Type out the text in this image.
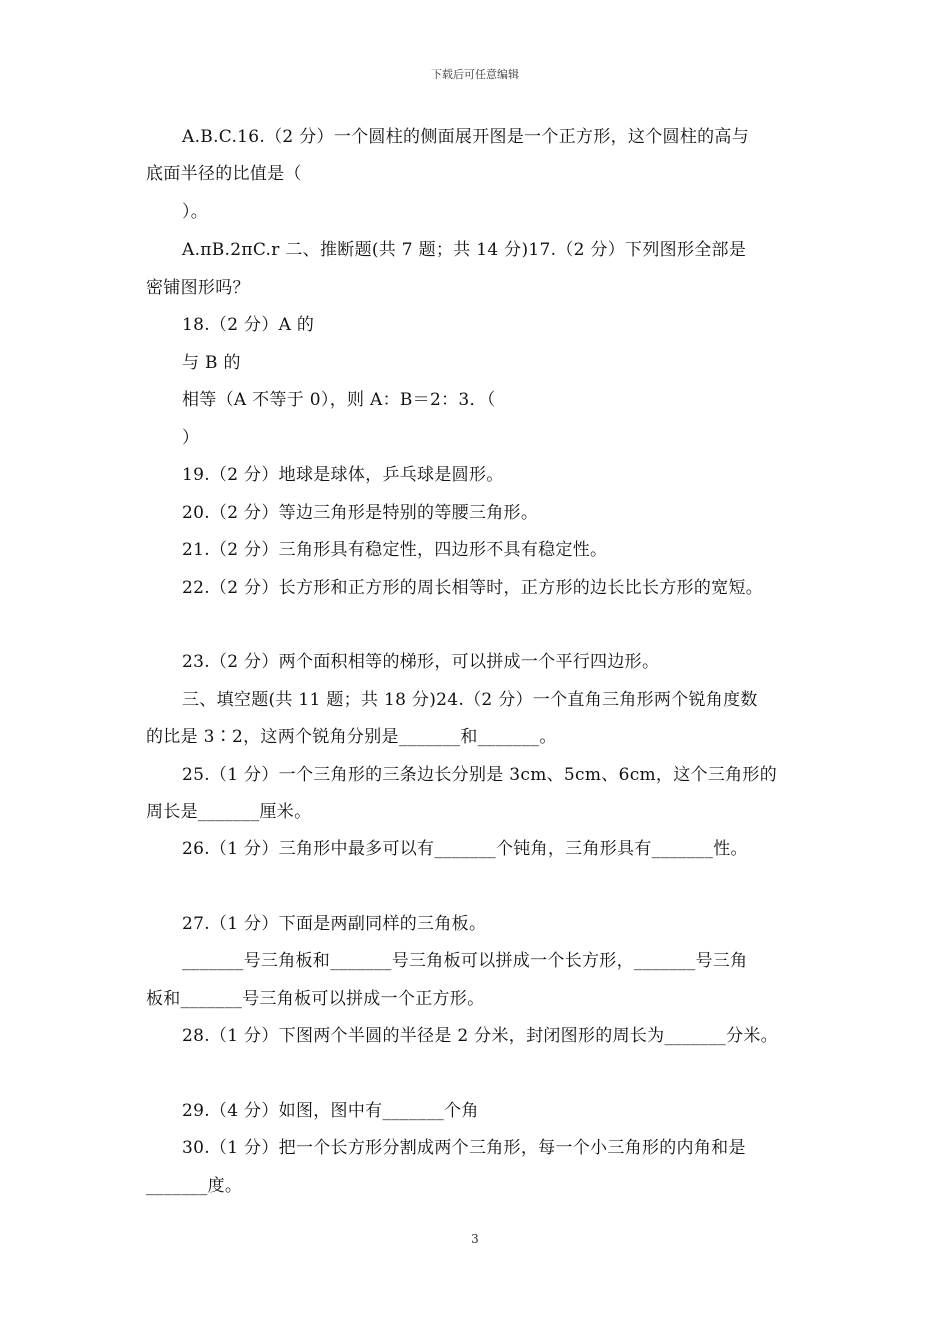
下载后可任意编辑
A.B.C.16.（2 分）一个圆柱的侧面展开图是一个正方形，这个圆柱的高与
底面半径的比值是（
）。
A.πB.2πC.r 二、推断题(共 7 题；共 14 分)17.（2 分）下列图形全部是
密铺图形吗？
18.（2 分）A 的
与 B 的
相等（A 不等于 0），则 A：B＝2：3．（
）
19.（2 分）地球是球体，乒乓球是圆形。
20.（2 分）等边三角形是特别的等腰三角形。
21.（2 分）三角形具有稳定性，四边形不具有稳定性。
22.（2 分）长方形和正方形的周长相等时，正方形的边长比长方形的宽短。
23.（2 分）两个面积相等的梯形，可以拼成一个平行四边形。
三、填空题(共 11 题；共 18 分)24.（2 分）一个直角三角形两个锐角度数
的比是 3∶2，这两个锐角分别是_______和_______。
25.（1 分）一个三角形的三条边长分别是 3cm、5cm、6cm，这个三角形的
周长是_______厘米。
26.（1 分）三角形中最多可以有_______个钝角，三角形具有_______性。
27.（1 分）下面是两副同样的三角板。
_______号三角板和_______号三角板可以拼成一个长方形，_______号三角
板和_______号三角板可以拼成一个正方形。
28.（1 分）下图两个半圆的半径是 2 分米，封闭图形的周长为_______分米。
29.（4 分）如图，图中有_______个角
30.（1 分）把一个长方形分割成两个三角形，每一个小三角形的内角和是
_______度。
3
